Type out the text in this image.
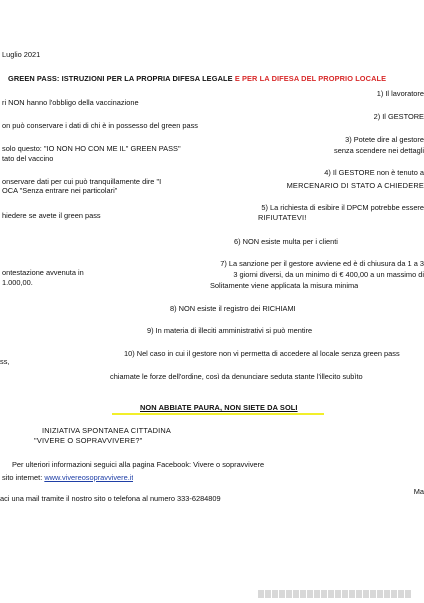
Luglio 2021
GREEN PASS: ISTRUZIONI PER LA PROPRIA DIFESA LEGALE E PER LA DIFESA DEL PROPRIO LOCALE
1) Il lavoratore
ri NON hanno l'obbligo della vaccinazione
2) Il GESTORE
on può conservare i dati di chi è in possesso del green pass
3) Potete dire al gestore
solo questo: "IO NON HO CON ME IL" GREEN PASS"	senza scendere nei dettagli
tato del vaccino
4) Il GESTORE non è tenuto a
onservare dati per cui può tranquillamente dire "I	MERCENARIO DI STATO A CHIEDERE
OCA "Senza entrare nei particolari"
5) La richiesta di esibire il DPCM potrebbe essere
hiedere se avete il green pass	RIFIUTATEVI!
6) NON esiste multa per i clienti
7) La sanzione per il gestore avviene ed è di chiusura da 1 a 3
ontestazione avvenuta in	3 giorni diversi, da un minimo di € 400,00 a un massimo di
1.000,00.	Solitamente viene applicata la misura minima
8) NON esiste il registro dei RICHIAMI
9) In materia di illeciti amministrativi si può mentire
10) Nel caso in cui il gestore non vi permetta di accedere al locale senza green pass
ss,
chiamate le forze dell'ordine, così da denunciare seduta stante l'illecito subìto
NON ABBIATE PAURA, NON SIETE DA SOLI
INIZIATIVA SPONTANEA CITTADINA
"VIVERE O SOPRAVVIVERE?"
Per ulteriori informazioni seguici alla pagina Facebook: Vivere o sopravvivere
sito internet: www.vivereosopravvivere.it
Ma
aci una mail tramite il nostro sito o telefona al numero 333-6284809
